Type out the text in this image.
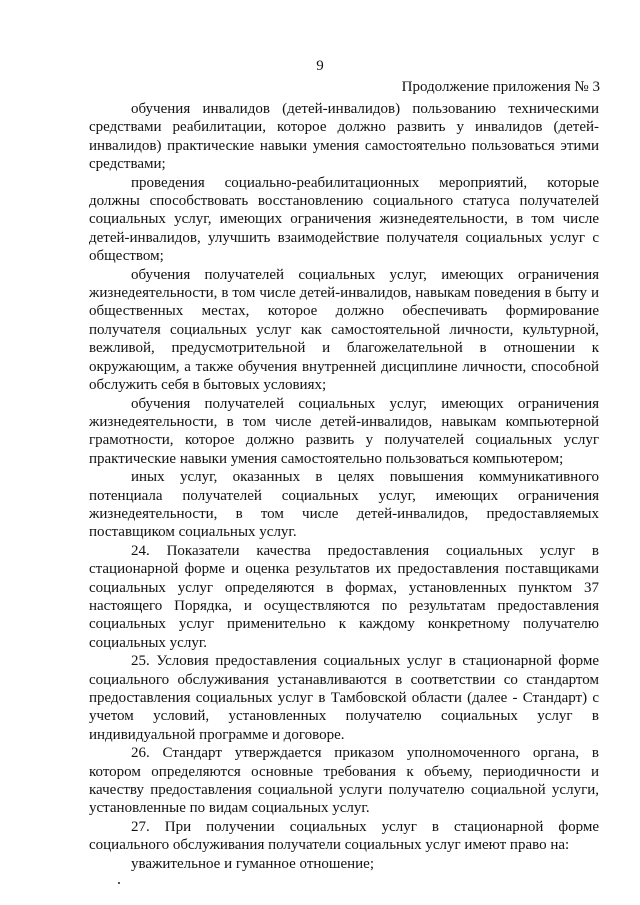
9
Продолжение приложения № 3

обучения инвалидов (детей-инвалидов) пользованию техническими средствами реабилитации, которое должно развить у инвалидов (детей-инвалидов) практические навыки умения самостоятельно пользоваться этими средствами;

проведения социально-реабилитационных мероприятий, которые должны способствовать восстановлению социального статуса получателей социальных услуг, имеющих ограничения жизнедеятельности, в том числе детей-инвалидов, улучшить взаимодействие получателя социальных услуг с обществом;

обучения получателей социальных услуг, имеющих ограничения жизнедеятельности, в том числе детей-инвалидов, навыкам поведения в быту и общественных местах, которое должно обеспечивать формирование получателя социальных услуг как самостоятельной личности, культурной, вежливой, предусмотрительной и благожелательной в отношении к окружающим, а также обучения внутренней дисциплине личности, способной обслужить себя в бытовых условиях;

обучения получателей социальных услуг, имеющих ограничения жизнедеятельности, в том числе детей-инвалидов, навыкам компьютерной грамотности, которое должно развить у получателей социальных услуг практические навыки умения самостоятельно пользоваться компьютером;

иных услуг, оказанных в целях повышения коммуникативного потенциала получателей социальных услуг, имеющих ограничения жизнедеятельности, в том числе детей-инвалидов, предоставляемых поставщиком социальных услуг.

24. Показатели качества предоставления социальных услуг в стационарной форме и оценка результатов их предоставления поставщиками социальных услуг определяются в формах, установленных пунктом 37 настоящего Порядка, и осуществляются по результатам предоставления социальных услуг применительно к каждому конкретному получателю социальных услуг.

25. Условия предоставления социальных услуг в стационарной форме социального обслуживания устанавливаются в соответствии со стандартом предоставления социальных услуг в Тамбовской области (далее - Стандарт) с учетом условий, установленных получателю социальных услуг в индивидуальной программе и договоре.

26. Стандарт утверждается приказом уполномоченного органа, в котором определяются основные требования к объему, периодичности и качеству предоставления социальной услуги получателю социальной услуги, установленные по видам социальных услуг.

27. При получении социальных услуг в стационарной форме социального обслуживания получатели социальных услуг имеют право на:

уважительное и гуманное отношение;
